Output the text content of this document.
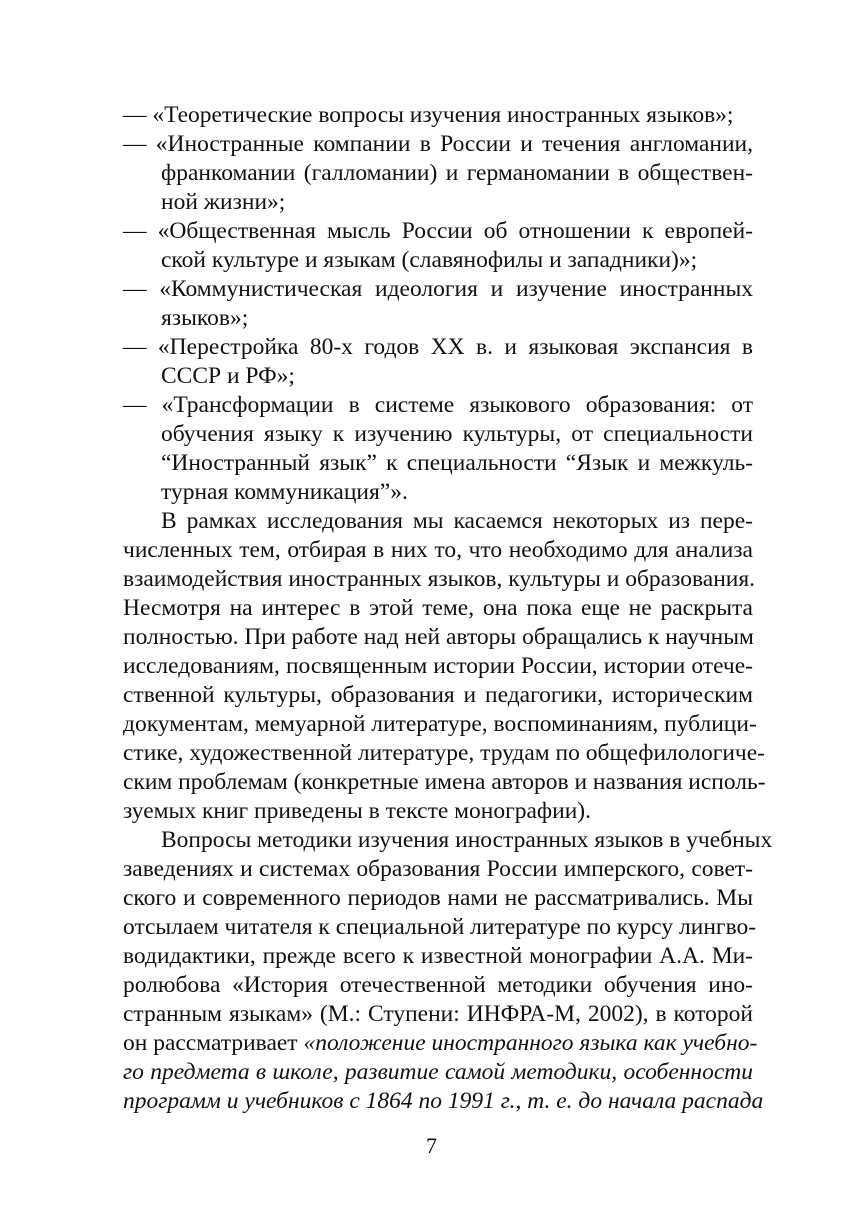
— «Теоретические вопросы изучения иностранных языков»;
— «Иностранные компании в России и течения англомании,
франкомании (галломании) и германомании в обществен-
ной жизни»;
— «Общественная мысль России об отношении к европей-
ской культуре и языкам (славянофилы и западники)»;
— «Коммунистическая идеология и изучение иностранных
языков»;
— «Перестройка 80-х годов XX в. и языковая экспансия в
СССР и РФ»;
— «Трансформации в системе языкового образования: от
обучения языку к изучению культуры, от специальности
“Иностранный язык” к специальности “Язык и межкуль-
турная коммуникация”».
В рамках исследования мы касаемся некоторых из пере-
численных тем, отбирая в них то, что необходимо для анализа
взаимодействия иностранных языков, культуры и образования.
Несмотря на интерес в этой теме, она пока еще не раскрыта
полностью. При работе над ней авторы обращались к научным
исследованиям, посвященным истории России, истории отече-
ственной культуры, образования и педагогики, историческим
документам, мемуарной литературе, воспоминаниям, публици-
стике, художественной литературе, трудам по общефилологиче-
ским проблемам (конкретные имена авторов и названия исполь-
зуемых книг приведены в тексте монографии).
Вопросы методики изучения иностранных языков в учебных
заведениях и системах образования России имперского, совет-
ского и современного периодов нами не рассматривались. Мы
отсылаем читателя к специальной литературе по курсу лингво-
водидактики, прежде всего к известной монографии А.А. Ми-
ролюбова «История отечественной методики обучения ино-
странным языкам» (М.: Ступени: ИНФРА-М, 2002), в которой
он рассматривает «положение иностранного языка как учебно-
го предмета в школе, развитие самой методики, особенности
программ и учебников с 1864 по 1991 г., т. е. до начала распада
7
